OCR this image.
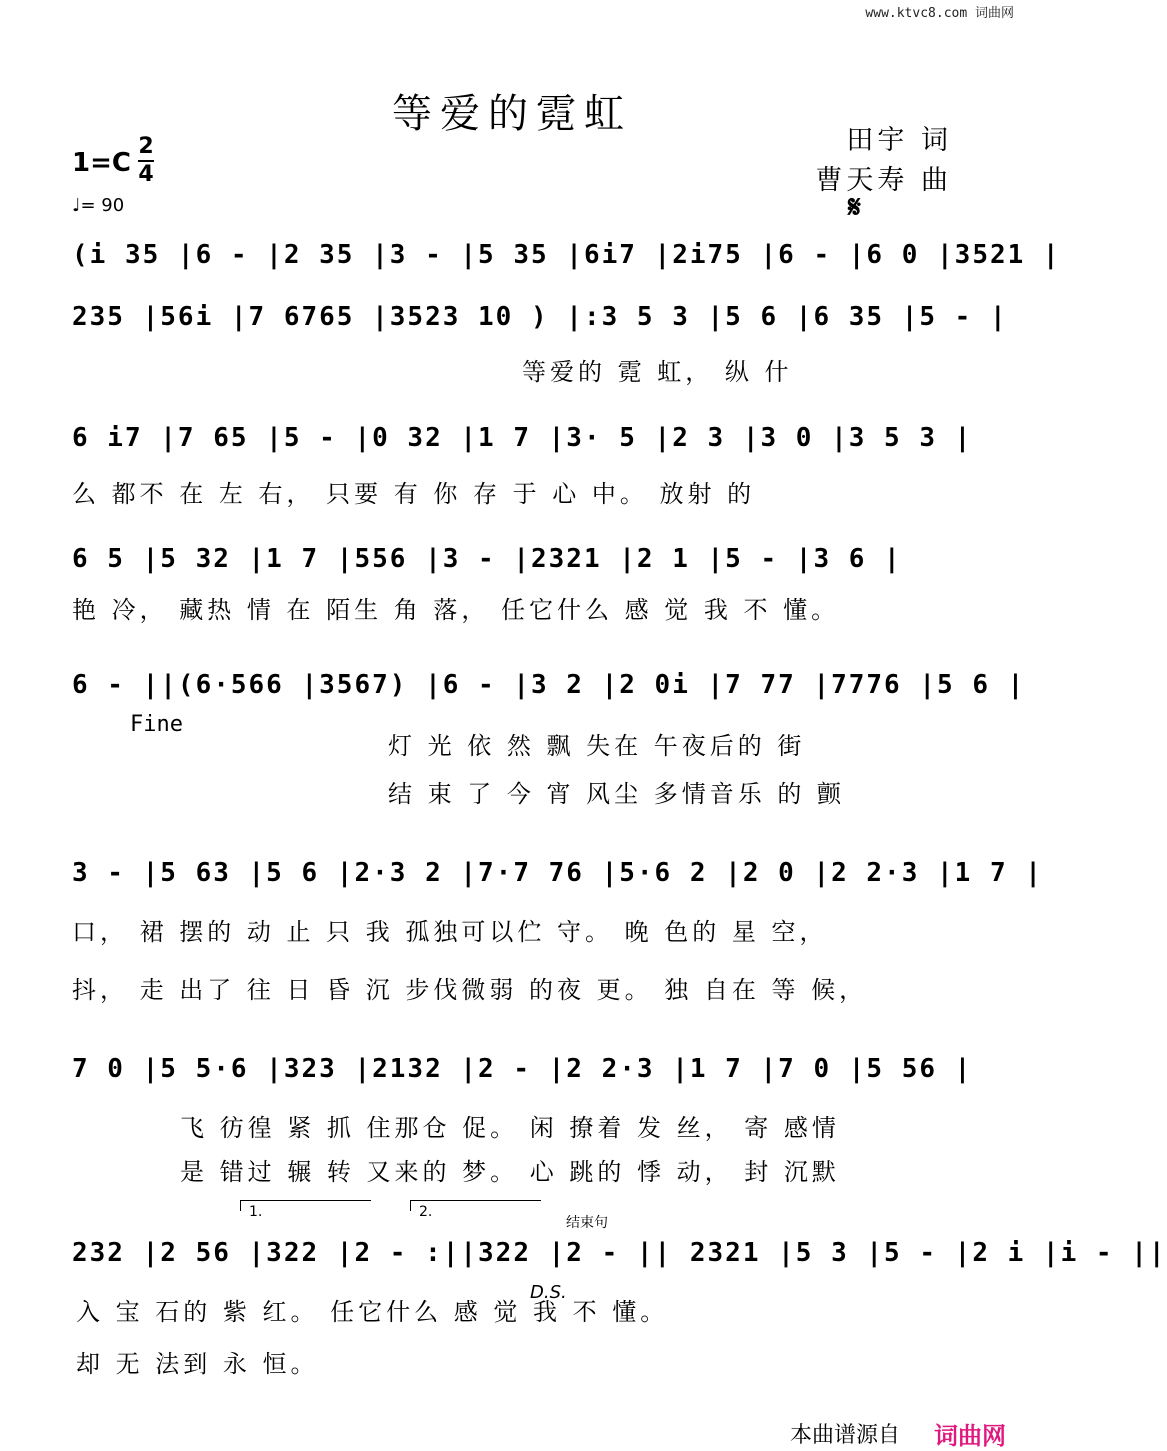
www.ktvc8.com 词曲网
等爱的霓虹
田宇 词
曹天寿 曲
1=C
2
4
♩= 90	𝄋
(i 35 |6 - |2 35 |3 - |5 35 |6i7 |2i75 |6 - |6 0 |3521 |
235 |56i |7 6765 |3523 10 ) |:3 5 3 |5 6 |6 35 |5 - |
等爱的 霓 虹， 纵 什
6 i7 |7 65 |5 - |0 32 |1 7 |3· 5 |2 3 |3 0 |3 5 3 |
么 都不 在 左 右， 只要 有 你 存 于 心 中。 放射 的
6 5 |5 32 |1 7 |556 |3 - |2321 |2 1 |5 - |3 6 |
艳 冷， 藏热 情 在 陌生 角 落， 任它什么 感 觉 我 不 懂。
6 - ||(6·566 |3567) |6 - |3 2 |2 0i |7 77 |7776 |5 6 |
Fine
灯 光 依 然 飘 失在 午夜后的 街
结 束 了 今 宵 风尘 多情音乐 的 颤
3 - |5 63 |5 6 |2·3 2 |7·7 76 |5·6 2 |2 0 |2 2·3 |1 7 |
口， 裙 摆的 动 止 只 我 孤独可以伫 守。 晚 色的 星 空，
抖， 走 出了 往 日 昏 沉 步伐微弱 的夜 更。 独 自在 等 候，
7 0 |5 5·6 |323 |2132 |2 - |2 2·3 |1 7 |7 0 |5 56 |
飞 彷徨 紧 抓 住那仓 促。 闲 撩着 发 丝， 寄 感情
是 错过 辗 转 又来的 梦。 心 跳的 悸 动， 封 沉默
1.	2.
结束句
232 |2 56 |322 |2 - :||322 |2 - || 2321 |5 3 |5 - |2 i |i - ||
D.S.
入 宝 石的 紫 红。 任它什么 感 觉 我 不 懂。
却 无 法到 永 恒。
本曲谱源自 词曲网
